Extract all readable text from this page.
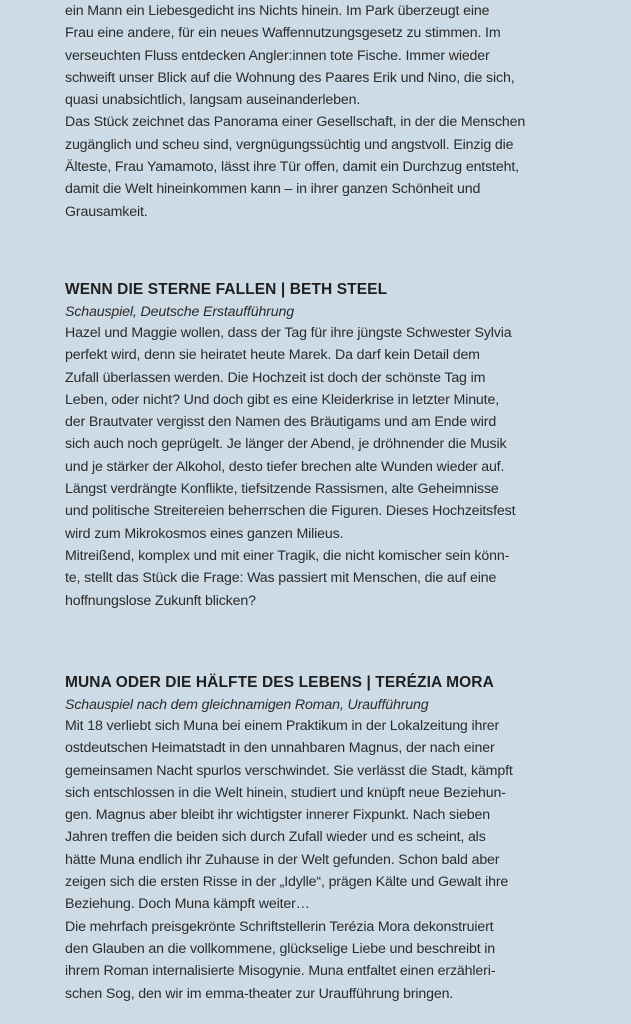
ein Mann ein Liebesgedicht ins Nichts hinein. Im Park überzeugt eine
Frau eine andere, für ein neues Waffennutzungsgesetz zu stimmen. Im
verseuchten Fluss entdecken Angler:innen tote Fische. Immer wieder
schweift unser Blick auf die Wohnung des Paares Erik und Nino, die sich,
quasi unabsichtlich, langsam auseinanderleben.
Das Stück zeichnet das Panorama einer Gesellschaft, in der die Menschen
zugänglich und scheu sind, vergnügungssüchtig und angstvoll. Einzig die
Älteste, Frau Yamamoto, lässt ihre Tür offen, damit ein Durchzug entsteht,
damit die Welt hineinkommen kann – in ihrer ganzen Schönheit und
Grausamkeit.
WENN DIE STERNE FALLEN | BETH STEEL
Schauspiel, Deutsche Erstaufführung
Hazel und Maggie wollen, dass der Tag für ihre jüngste Schwester Sylvia
perfekt wird, denn sie heiratet heute Marek. Da darf kein Detail dem
Zufall überlassen werden. Die Hochzeit ist doch der schönste Tag im
Leben, oder nicht? Und doch gibt es eine Kleiderkrise in letzter Minute,
der Brautvater vergisst den Namen des Bräutigams und am Ende wird
sich auch noch geprügelt. Je länger der Abend, je dröhnender die Musik
und je stärker der Alkohol, desto tiefer brechen alte Wunden wieder auf.
Längst verdrängte Konflikte, tiefsitzende Rassismen, alte Geheimnisse
und politische Streitereien beherrschen die Figuren. Dieses Hochzeitsfest
wird zum Mikrokosmos eines ganzen Milieus.
Mitreißend, komplex und mit einer Tragik, die nicht komischer sein könn-
te, stellt das Stück die Frage: Was passiert mit Menschen, die auf eine
hoffnungslose Zukunft blicken?
MUNA ODER DIE HÄLFTE DES LEBENS | TERÉZIA MORA
Schauspiel nach dem gleichnamigen Roman, Uraufführung
Mit 18 verliebt sich Muna bei einem Praktikum in der Lokalzeitung ihrer
ostdeutschen Heimatstadt in den unnahbaren Magnus, der nach einer
gemeinsamen Nacht spurlos verschwindet. Sie verlässt die Stadt, kämpft
sich entschlossen in die Welt hinein, studiert und knüpft neue Beziehun-
gen. Magnus aber bleibt ihr wichtigster innerer Fixpunkt. Nach sieben
Jahren treffen die beiden sich durch Zufall wieder und es scheint, als
hätte Muna endlich ihr Zuhause in der Welt gefunden. Schon bald aber
zeigen sich die ersten Risse in der „Idylle“, prägen Kälte und Gewalt ihre
Beziehung. Doch Muna kämpft weiter…
Die mehrfach preisgekrönte Schriftstellerin Terézia Mora dekonstruiert
den Glauben an die vollkommene, glückselige Liebe und beschreibt in
ihrem Roman internalisierte Misogynie. Muna entfaltet einen erzähleri-
schen Sog, den wir im emma-theater zur Uraufführung bringen.
